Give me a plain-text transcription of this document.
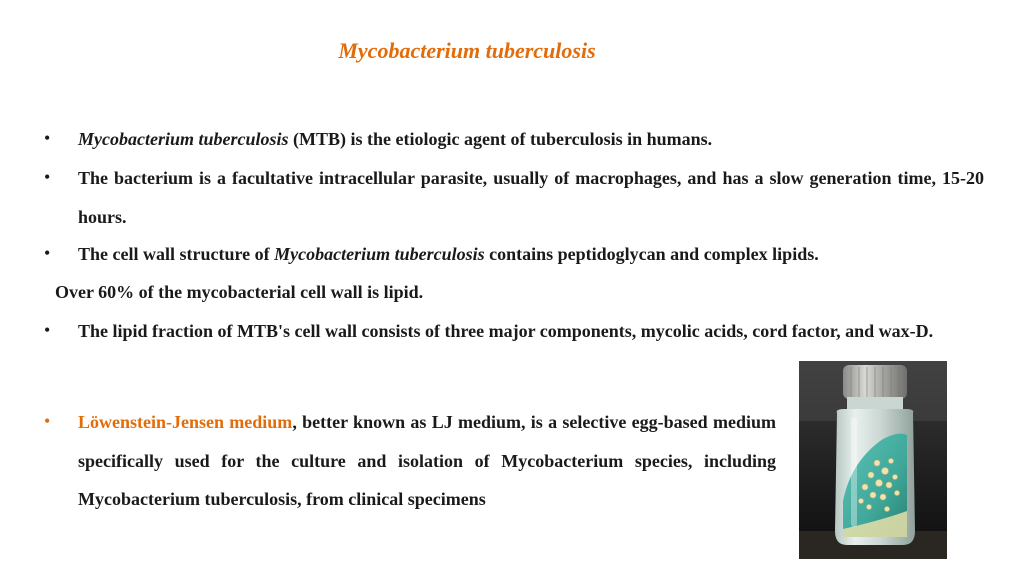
Mycobacterium tuberculosis
• Mycobacterium tuberculosis (MTB) is the etiologic agent of tuberculosis in humans.
• The bacterium is a facultative intracellular parasite, usually of macrophages, and has a slow generation time, 15-20 hours.
• The cell wall structure of Mycobacterium tuberculosis contains peptidoglycan and complex lipids.
Over 60% of the mycobacterial cell wall is lipid.
• The lipid fraction of MTB's cell wall consists of three major components, mycolic acids, cord factor, and wax-D.
• Löwenstein-Jensen medium, better known as LJ medium, is a selective egg-based medium specifically used for the culture and isolation of Mycobacterium species, including Mycobacterium tuberculosis, from clinical specimens
